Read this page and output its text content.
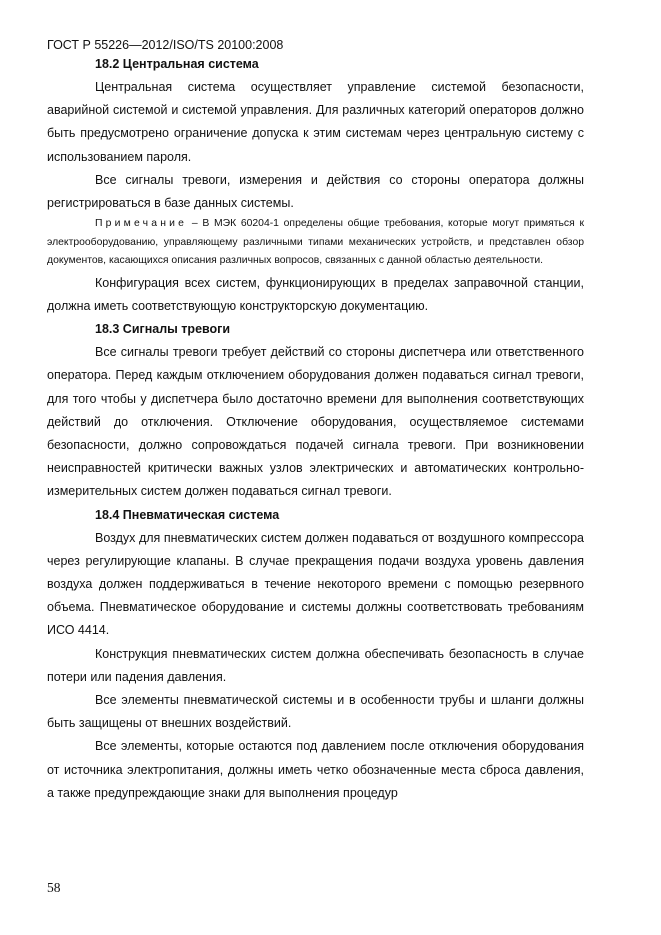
ГОСТ Р 55226—2012/ISO/TS 20100:2008

18.2 Центральная система

Центральная система осуществляет управление системой безопасности, аварийной системой и системой управления. Для различных категорий операторов должно быть предусмотрено ограничение допуска к этим системам через центральную систему с использованием пароля.

Все сигналы тревоги, измерения и действия со стороны оператора должны регистрироваться в базе данных системы.

Примечание – В МЭК 60204-1 определены общие требования, которые могут примяться к электрооборудованию, управляющему различными типами механических устройств, и представлен обзор документов, касающихся описания различных вопросов, связанных с данной областью деятельности.

Конфигурация всех систем, функционирующих в пределах заправочной станции, должна иметь соответствующую конструкторскую документацию.

18.3 Сигналы тревоги

Все сигналы тревоги требует действий со стороны диспетчера или ответственного оператора. Перед каждым отключением оборудования должен подаваться сигнал тревоги, для того чтобы у диспетчера было достаточно времени для выполнения соответствующих действий до отключения. Отключение оборудования, осуществляемое системами безопасности, должно сопровождаться подачей сигнала тревоги. При возникновении неисправностей критически важных узлов электрических и автоматических контрольно-измерительных систем должен подаваться сигнал тревоги.

18.4 Пневматическая система

Воздух для пневматических систем должен подаваться от воздушного компрессора через регулирующие клапаны. В случае прекращения подачи воздуха уровень давления воздуха должен поддерживаться в течение некоторого времени с помощью резервного объема. Пневматическое оборудование и системы должны соответствовать требованиям ИСО 4414.

Конструкция пневматических систем должна обеспечивать безопасность в случае потери или падения давления.

Все элементы пневматической системы и в особенности трубы и шланги должны быть защищены от внешних воздействий.

Все элементы, которые остаются под давлением после отключения оборудования от источника электропитания, должны иметь четко обозначенные места сброса давления, а также предупреждающие знаки для выполнения процедур

58
